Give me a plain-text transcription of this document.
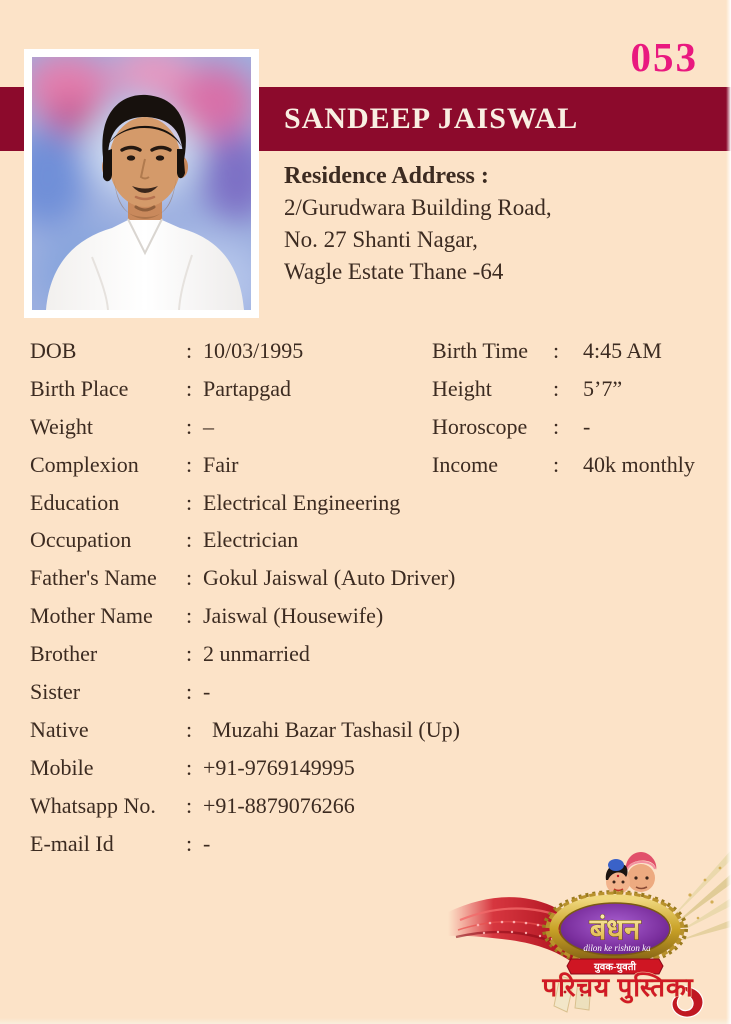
053
SANDEEP JAISWAL
Residence Address :
2/Gurudwara Building Road,
No. 27 Shanti Nagar,
Wagle Estate Thane -64
DOB	: 10/03/1995	Birth Time	:	4:45 AM
Birth Place	: Partapgad	Height	:	5’7”
Weight	: –	Horoscope	:	-
Complexion	: Fair	Income	:	40k monthly
Education	: Electrical Engineering
Occupation	: Electrician
Father's Name	: Gokul Jaiswal (Auto Driver)
Mother Name	: Jaiswal (Housewife)
Brother	: 2 unmarried
Sister	: -
Native	: Muzahi Bazar Tashasil (Up)
Mobile	: +91-9769149995
Whatsapp No.	: +91-8879076266
E-mail Id	: -
बंधन
dilon ke rishton ka
युवक-युवती
परिचय पुस्तिका
